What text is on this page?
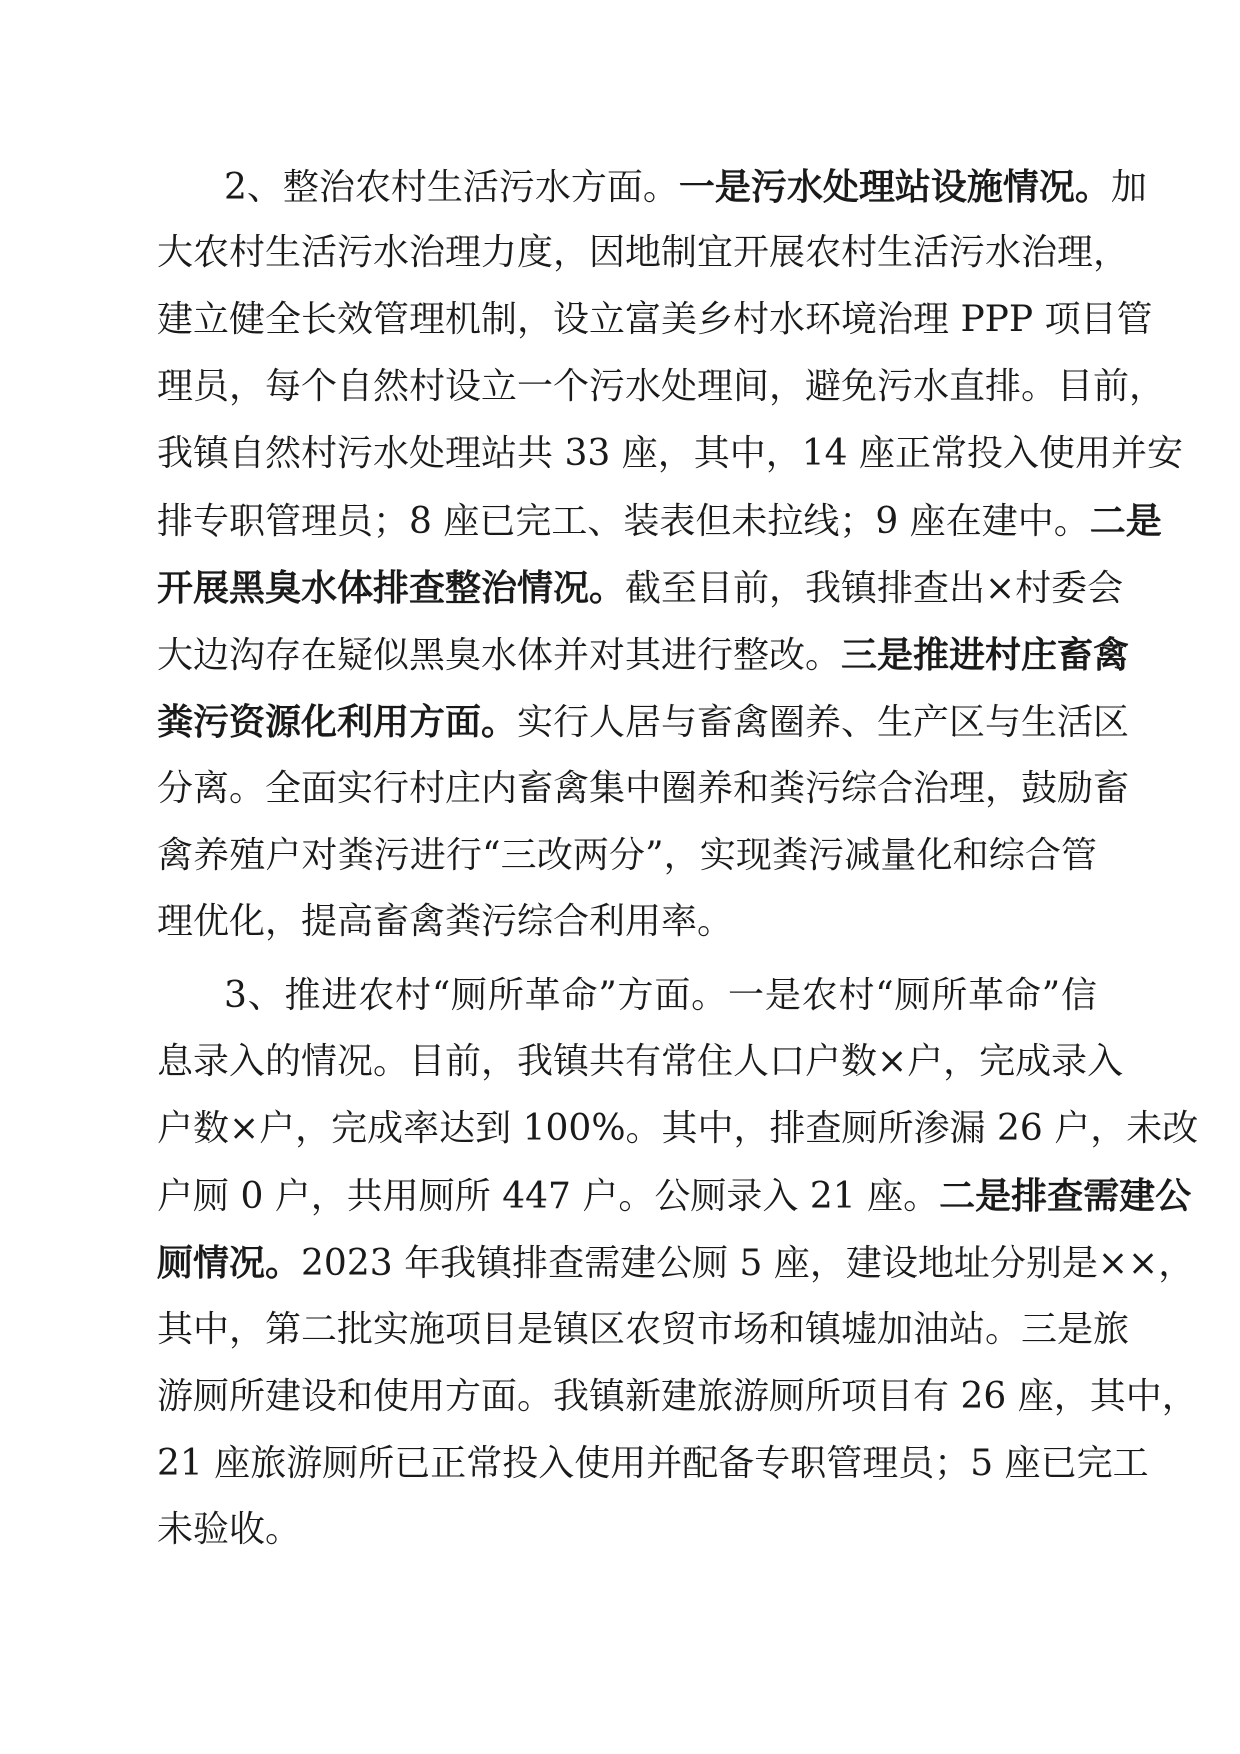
2、整治农村生活污水方面。一是污水处理站设施情况。加
大农村生活污水治理力度，因地制宜开展农村生活污水治理，
建立健全长效管理机制，设立富美乡村水环境治理 PPP 项目管
理员，每个自然村设立一个污水处理间，避免污水直排。目前，
我镇自然村污水处理站共 33 座，其中，14 座正常投入使用并安
排专职管理员；8 座已完工、装表但未拉线；9 座在建中。二是
开展黑臭水体排查整治情况。截至目前，我镇排查出×村委会
大边沟存在疑似黑臭水体并对其进行整改。三是推进村庄畜禽
粪污资源化利用方面。实行人居与畜禽圈养、生产区与生活区
分离。全面实行村庄内畜禽集中圈养和粪污综合治理，鼓励畜
禽养殖户对粪污进行“三改两分”，实现粪污减量化和综合管
理优化，提高畜禽粪污综合利用率。
3、推进农村“厕所革命”方面。一是农村“厕所革命”信
息录入的情况。目前，我镇共有常住人口户数×户，完成录入
户数×户，完成率达到 100%。其中，排查厕所渗漏 26 户，未改
户厕 0 户，共用厕所 447 户。公厕录入 21 座。二是排查需建公
厕情况。2023 年我镇排查需建公厕 5 座，建设地址分别是××，
其中，第二批实施项目是镇区农贸市场和镇墟加油站。三是旅
游厕所建设和使用方面。我镇新建旅游厕所项目有 26 座，其中，
21 座旅游厕所已正常投入使用并配备专职管理员；5 座已完工
未验收。
